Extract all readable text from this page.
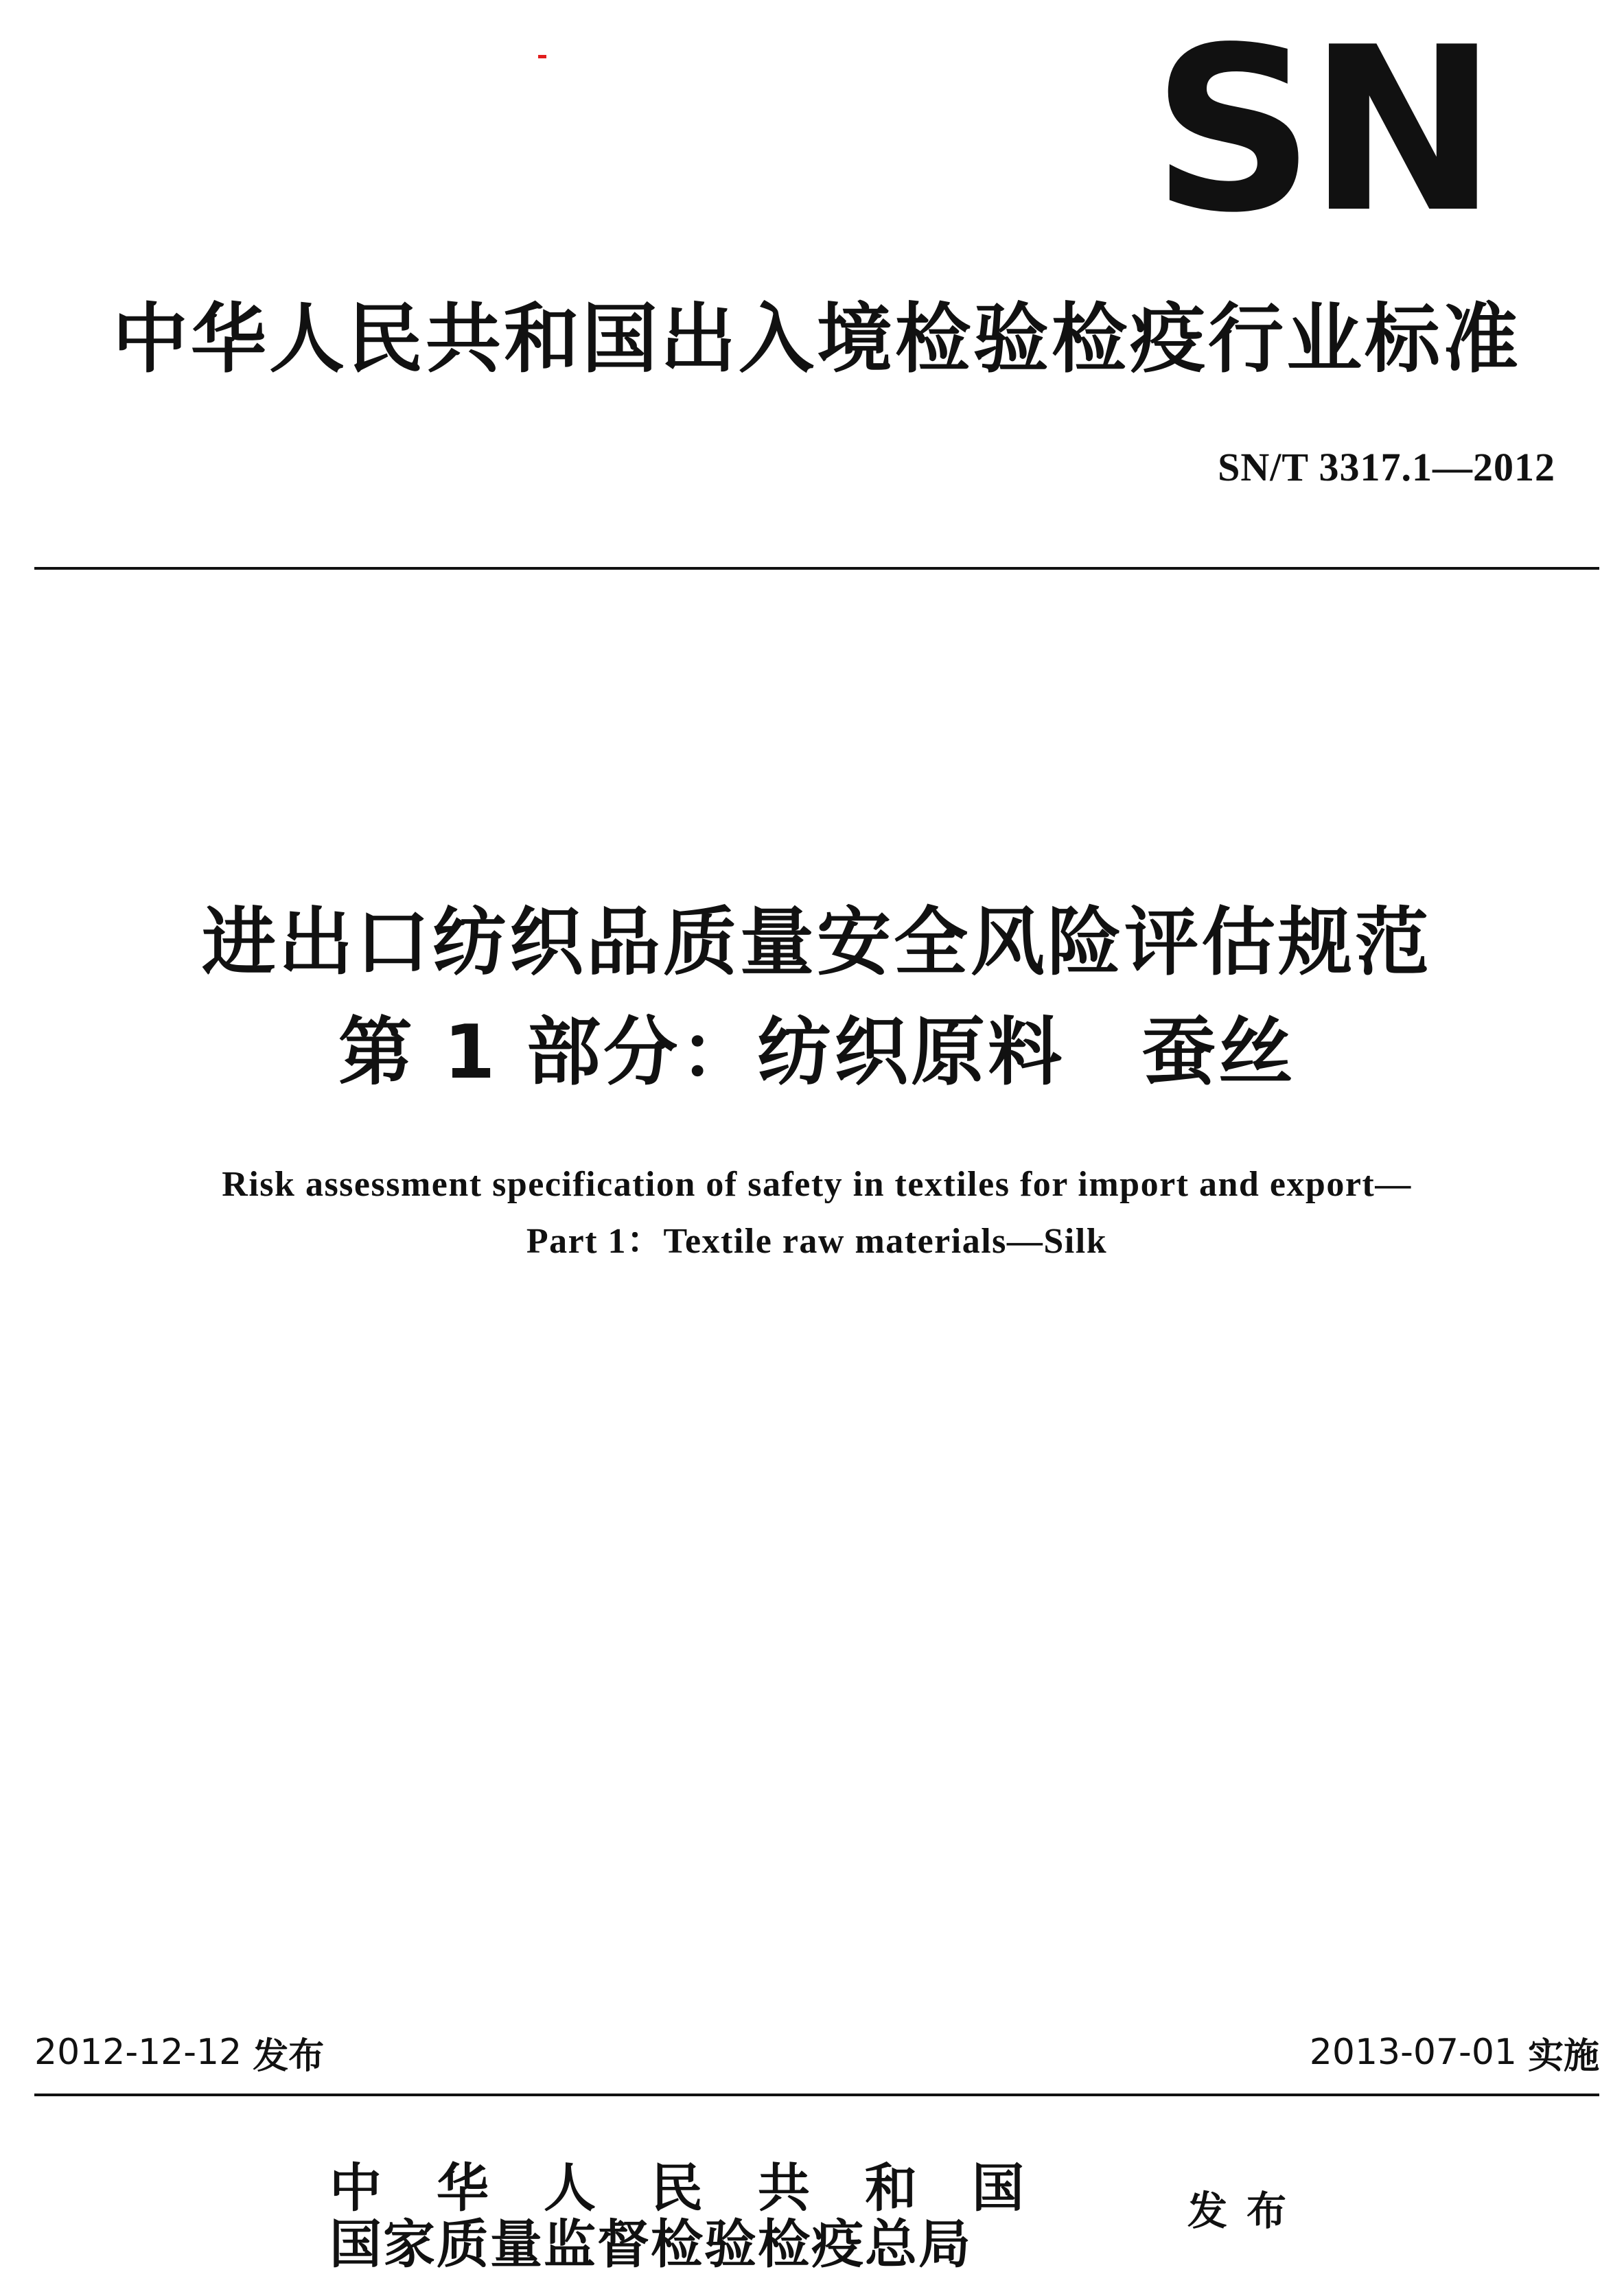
SN
中华人民共和国出入境检验检疫行业标准
SN/T 3317.1—2012
进出口纺织品质量安全风险评估规范
第 1 部分：纺织原料　蚕丝
Risk assessment specification of safety in textiles for import and export—
Part 1：Textile raw materials—Silk
2012-12-12 发布	2013-07-01 实施
中华人民共和国
国家质量监督检验检疫总局
发布
